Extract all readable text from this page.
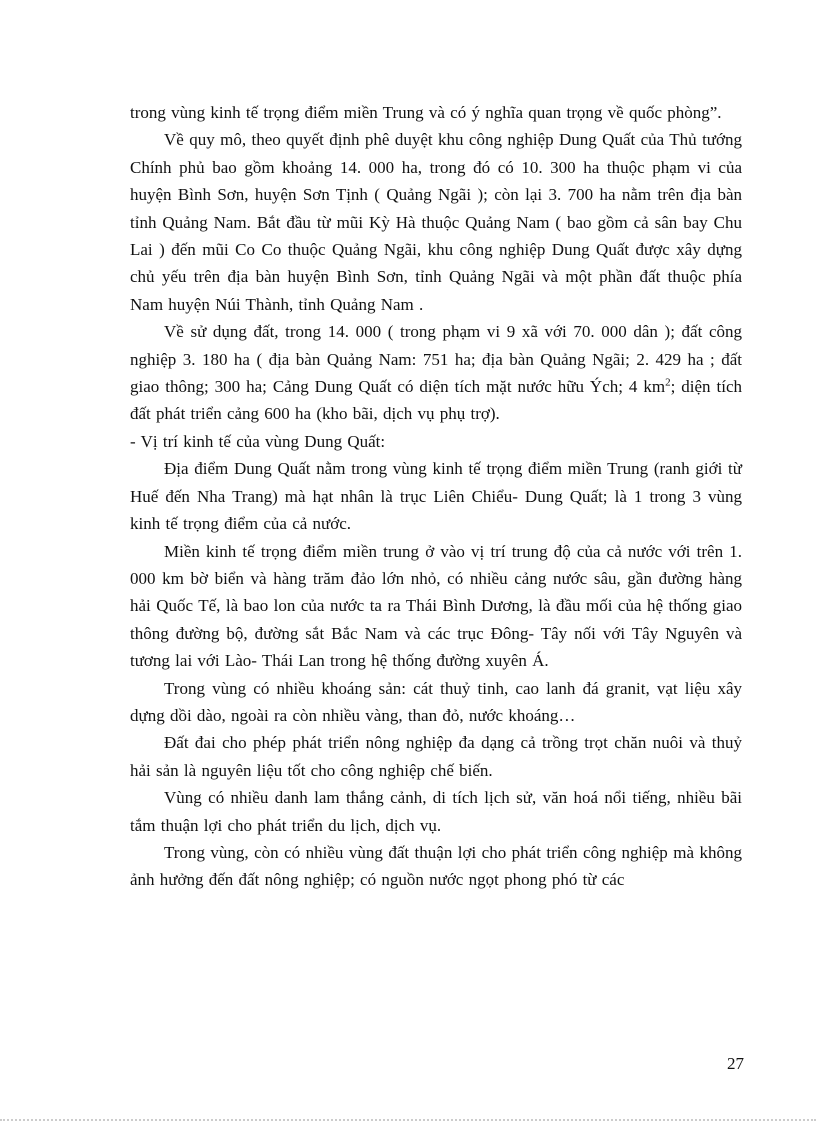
trong vùng kinh tế trọng điểm miền Trung và có ý nghĩa quan trọng về quốc phòng”.

Về quy mô, theo quyết định phê duyệt khu công nghiệp Dung Quất của Thủ tướng Chính phủ bao gồm khoảng 14. 000 ha, trong đó có 10. 300 ha thuộc phạm vi của huyện Bình Sơn, huyện Sơn Tịnh ( Quảng Ngãi ); còn lại 3. 700 ha nằm trên địa bàn tỉnh Quảng Nam. Bắt đầu từ mũi Kỳ Hà thuộc Quảng Nam ( bao gồm cả sân bay Chu Lai ) đến mũi Co Co thuộc Quảng Ngãi, khu công nghiệp Dung Quất được xây dựng chủ yếu trên địa bàn huyện Bình Sơn, tỉnh Quảng Ngãi và một phần đất thuộc phía Nam huyện Núi Thành, tỉnh Quảng Nam .

Về sử dụng đất, trong 14. 000 ( trong phạm vi 9 xã với 70. 000 dân ); đất công nghiệp 3. 180 ha ( địa bàn Quảng Nam: 751 ha; địa bàn Quảng Ngãi; 2. 429 ha ; đất giao thông; 300 ha; Cảng Dung Quất có diện tích mặt nước hữu Ých; 4 $km^2$; diện tích đất phát triển cảng 600 ha (kho bãi, dịch vụ phụ trợ).

- Vị trí kinh tế của vùng Dung Quất:

Địa điểm Dung Quất nằm trong vùng kinh tế trọng điểm miền Trung (ranh giới từ Huế đến Nha Trang) mà hạt nhân là trục Liên Chiểu- Dung Quất; là 1 trong 3 vùng kinh tế trọng điểm của cả nước.

Miền kinh tế trọng điểm miền trung ở vào vị trí trung độ của cả nước với trên 1. 000 km bờ biển và hàng trăm đảo lớn nhỏ, có nhiều cảng nước sâu, gần đường hàng hải Quốc Tế, là bao lon của nước ta ra Thái Bình Dương, là đầu mối của hệ thống giao thông đường bộ, đường sắt Bắc Nam và các trục Đông- Tây nối với Tây Nguyên và tương lai với Lào- Thái Lan trong hệ thống đường xuyên Á.

Trong vùng có nhiều khoáng sản: cát thuỷ tinh, cao lanh đá granit, vạt liệu xây dựng dồi dào, ngoài ra còn nhiều vàng, than đỏ, nước khoáng…

Đất đai cho phép phát triển nông nghiệp đa dạng cả trồng trọt chăn nuôi và thuỷ hải sản là nguyên liệu tốt cho công nghiệp chế biến.

Vùng có nhiều danh lam thắng cảnh, di tích lịch sử, văn hoá nổi tiếng, nhiều bãi tắm thuận lợi cho phát triển du lịch, dịch vụ.

Trong vùng, còn có nhiều vùng đất thuận lợi cho phát triển công nghiệp mà không ảnh hưởng đến đất nông nghiệp; có nguồn nước ngọt phong phó từ các

27
